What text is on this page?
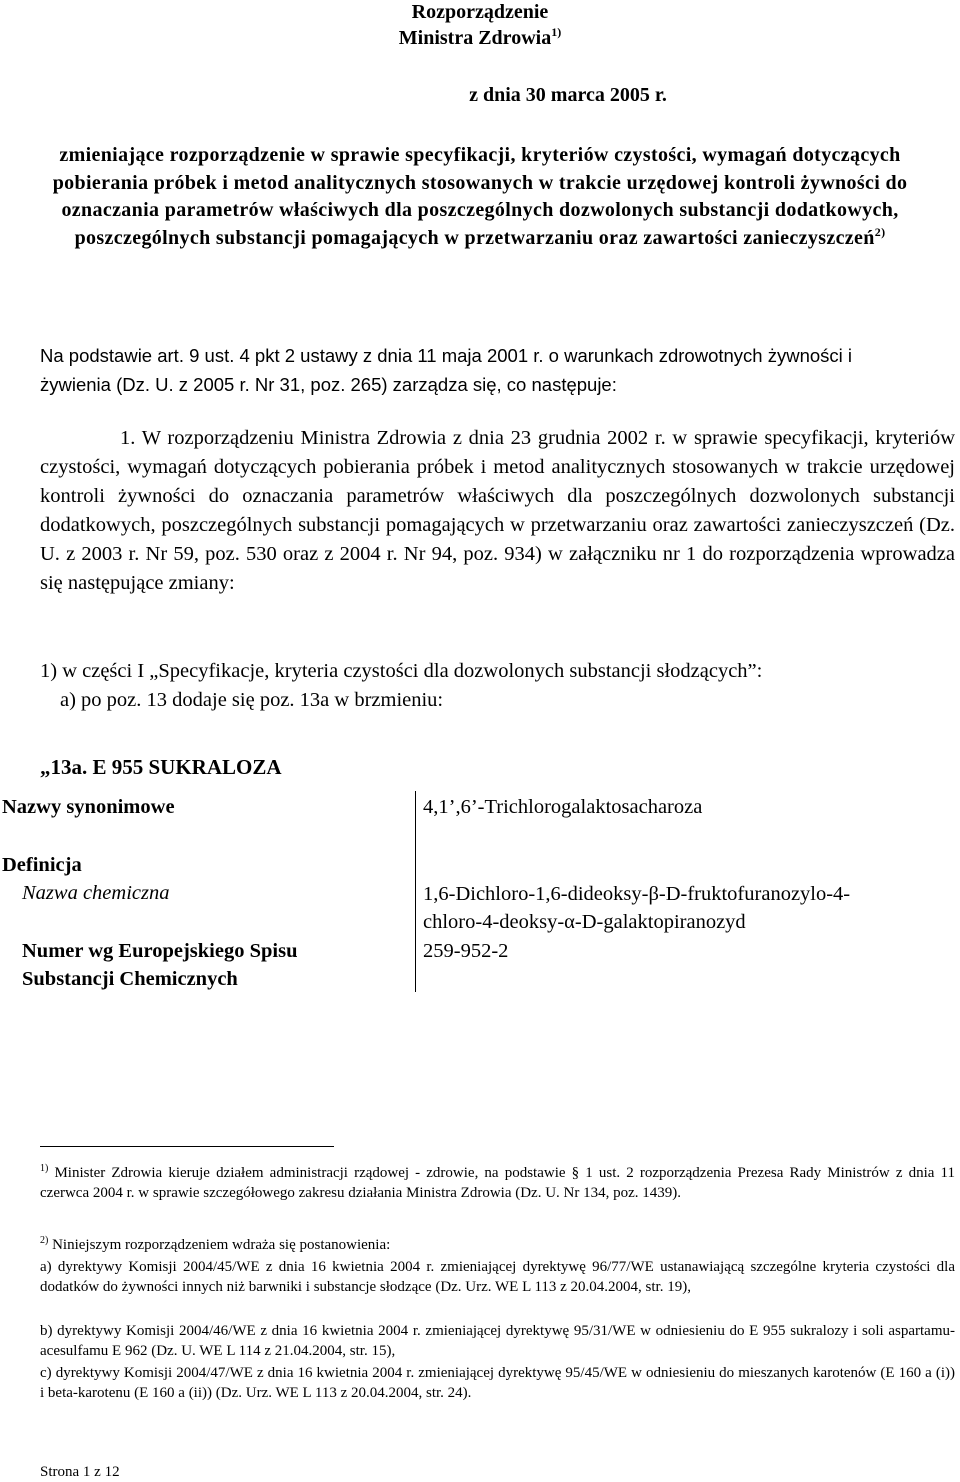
Rozporządzenie
Ministra Zdrowia$^{1)}$
z dnia 30 marca 2005 r.
zmieniające rozporządzenie w sprawie specyfikacji, kryteriów czystości, wymagań dotyczących pobierania próbek i metod analitycznych stosowanych w trakcie urzędowej kontroli żywności do oznaczania parametrów właściwych dla poszczególnych dozwolonych substancji dodatkowych, poszczególnych substancji pomagających w przetwarzaniu oraz zawartości zanieczyszczeń$^{2)}$
Na podstawie art. 9 ust. 4 pkt 2 ustawy z dnia 11 maja 2001 r. o warunkach zdrowotnych żywności i żywienia (Dz. U. z 2005 r. Nr 31, poz. 265) zarządza się, co następuje:
1. W rozporządzeniu Ministra Zdrowia z dnia 23 grudnia 2002 r. w sprawie specyfikacji, kryteriów czystości, wymagań dotyczących pobierania próbek i metod analitycznych stosowanych w trakcie urzędowej kontroli żywności do oznaczania parametrów właściwych dla poszczególnych dozwolonych substancji dodatkowych, poszczególnych substancji pomagających w przetwarzaniu oraz zawartości zanieczyszczeń (Dz. U. z 2003 r. Nr 59, poz. 530 oraz z 2004 r. Nr 94, poz. 934) w załączniku nr 1 do rozporządzenia wprowadza się następujące zmiany:
1) w części I „Specyfikacje, kryteria czystości dla dozwolonych substancji słodzących”:
a) po poz. 13 dodaje się poz. 13a w brzmieniu:
„13a. E 955 SUKRALOZA
Nazwy synonimowe	4,1’,6’-Trichlorogalaktosacharoza
Definicja
Nazwa chemiczna	1,6-Dichloro-1,6-dideoksy-β-D-fruktofuranozylo-4-
chloro-4-deoksy-α-D-galaktopiranozyd
Numer wg Europejskiego Spisu
Substancji Chemicznych
259-952-2
$^{1)}$ Minister Zdrowia kieruje działem administracji rządowej - zdrowie, na podstawie § 1 ust. 2 rozporządzenia Prezesa Rady Ministrów z dnia 11 czerwca 2004 r. w sprawie szczegółowego zakresu działania Ministra Zdrowia (Dz. U. Nr 134, poz. 1439).
$^{2)}$ Niniejszym rozporządzeniem wdraża się postanowienia:
a) dyrektywy Komisji 2004/45/WE z dnia 16 kwietnia 2004 r. zmieniającej dyrektywę 96/77/WE ustanawiającą szczególne kryteria czystości dla dodatków do żywności innych niż barwniki i substancje słodzące (Dz. Urz. WE L 113 z 20.04.2004, str. 19),
b) dyrektywy Komisji 2004/46/WE z dnia 16 kwietnia 2004 r. zmieniającej dyrektywę 95/31/WE w odniesieniu do E 955 sukralozy i soli aspartamu-acesulfamu E 962 (Dz. U. WE L 114 z 21.04.2004, str. 15),
c) dyrektywy Komisji 2004/47/WE z dnia 16 kwietnia 2004 r. zmieniającej dyrektywę 95/45/WE w odniesieniu do mieszanych karotenów (E 160 a (i)) i beta-karotenu (E 160 a (ii)) (Dz. Urz. WE L 113 z 20.04.2004, str. 24).
Strona 1 z 12
